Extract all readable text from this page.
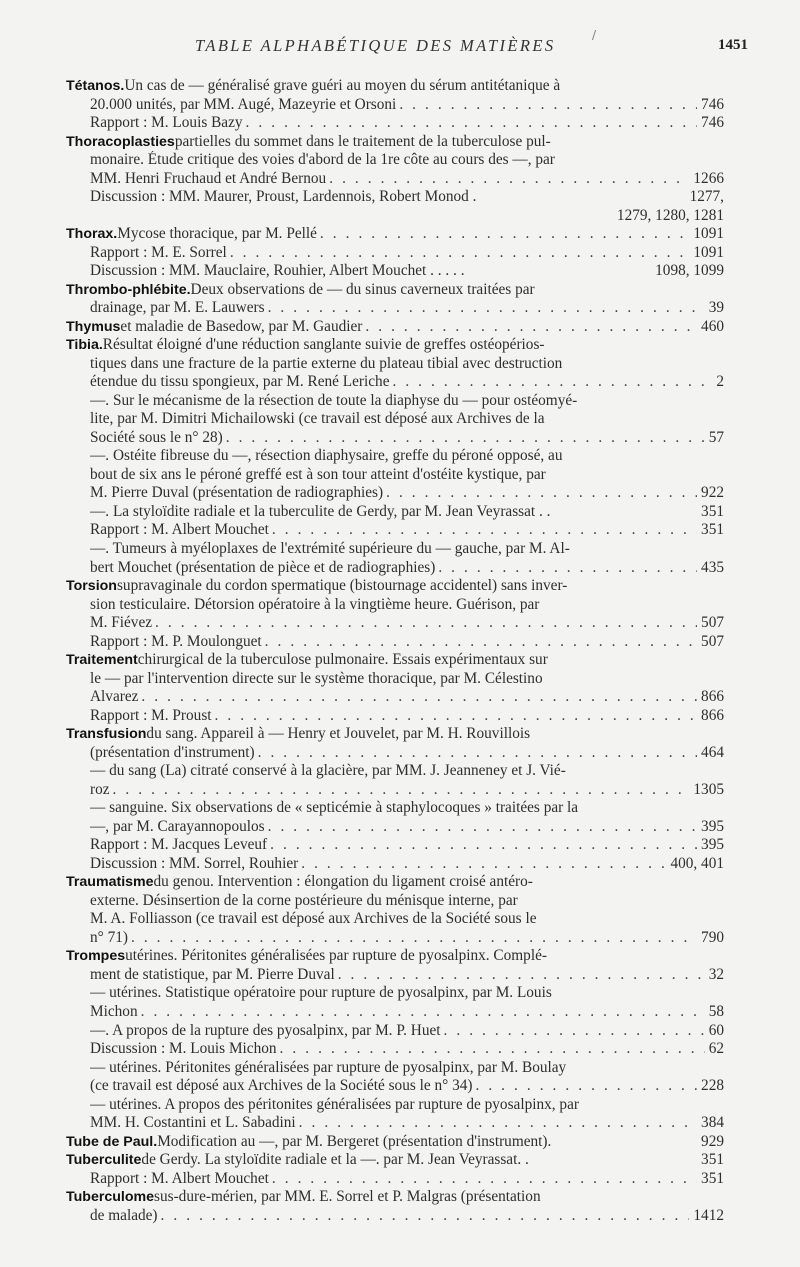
TABLE ALPHABÉTIQUE DES MATIÈRES
/
1451
Tétanos. Un cas de — généralisé grave guéri au moyen du sérum antitétanique à
20.000 unités, par MM. Augé, Mazeyrie et Orsoni . . .	746
Rapport : M. Louis Bazy . . .	746
Thoracoplasties partielles du sommet dans le traitement de la tuberculose pul-
monaire. Étude critique des voies d'abord de la 1re côte au cours des —, par
MM. Henri Fruchaud et André Bernou . . .	1266
Discussion : MM. Maurer, Proust, Lardennois, Robert Monod .	1277,
1279, 1280, 1281
Thorax. Mycose thoracique, par M. Pellé . . .	1091
Rapport : M. E. Sorrel . . .	1091
Discussion : MM. Mauclaire, Rouhier, Albert Mouchet . . . . .	1098, 1099
Thrombo-phlébite. Deux observations de — du sinus caverneux traitées par
drainage, par M. E. Lauwers . . .	39
Thymus et maladie de Basedow, par M. Gaudier . . .	460
Tibia. Résultat éloigné d'une réduction sanglante suivie de greffes ostéopérios-
tiques dans une fracture de la partie externe du plateau tibial avec destruction
étendue du tissu spongieux, par M. René Leriche . . .	2
—. Sur le mécanisme de la résection de toute la diaphyse du — pour ostéomyé-
lite, par M. Dimitri Michailowski (ce travail est déposé aux Archives de la
Société sous le n° 28) . . .	57
—. Ostéite fibreuse du —, résection diaphysaire, greffe du péroné opposé, au
bout de six ans le péroné greffé est à son tour atteint d'ostéite kystique, par
M. Pierre Duval (présentation de radiographies) . . .	922
—. La styloïdite radiale et la tuberculite de Gerdy, par M. Jean Veyrassat . .	351
Rapport : M. Albert Mouchet . . .	351
—. Tumeurs à myéloplaxes de l'extrémité supérieure du — gauche, par M. Al-
bert Mouchet (présentation de pièce et de radiographies) . . .	435
Torsion supravaginale du cordon spermatique (bistournage accidentel) sans inver-
sion testiculaire. Détorsion opératoire à la vingtième heure. Guérison, par
M. Fiévez . . .	507
Rapport : M. P. Moulonguet . . .	507
Traitement chirurgical de la tuberculose pulmonaire. Essais expérimentaux sur
le — par l'intervention directe sur le système thoracique, par M. Célestino
Alvarez . . .	866
Rapport : M. Proust . . .	866
Transfusion du sang. Appareil à — Henry et Jouvelet, par M. H. Rouvillois
(présentation d'instrument) . . .	464
— du sang (La) citraté conservé à la glacière, par MM. J. Jeanneney et J. Vié-
roz . . .	1305
— sanguine. Six observations de « septicémie à staphylocoques » traitées par la
—, par M. Carayannopoulos . . .	395
Rapport : M. Jacques Leveuf . . .	395
Discussion : MM. Sorrel, Rouhier . . .	400, 401
Traumatisme du genou. Intervention : élongation du ligament croisé antéro-
externe. Désinsertion de la corne postérieure du ménisque interne, par
M. A. Folliasson (ce travail est déposé aux Archives de la Société sous le
n° 71) . . .	790
Trompes utérines. Péritonites généralisées par rupture de pyosalpinx. Complé-
ment de statistique, par M. Pierre Duval . . .	32
— utérines. Statistique opératoire pour rupture de pyosalpinx, par M. Louis
Michon . . .	58
—. A propos de la rupture des pyosalpinx, par M. P. Huet . . .	60
Discussion : M. Louis Michon . . .	62
— utérines. Péritonites généralisées par rupture de pyosalpinx, par M. Boulay
(ce travail est déposé aux Archives de la Société sous le n° 34) . . .	228
— utérines. A propos des péritonites généralisées par rupture de pyosalpinx, par
MM. H. Costantini et L. Sabadini . . .	384
Tube de Paul. Modification au —, par M. Bergeret (présentation d'instrument).	929
Tuberculite de Gerdy. La styloïdite radiale et la —. par M. Jean Veyrassat. .	351
Rapport : M. Albert Mouchet . . .	351
Tuberculome sus-dure-mérien, par MM. E. Sorrel et P. Malgras (présentation
de malade) . . .	1412
